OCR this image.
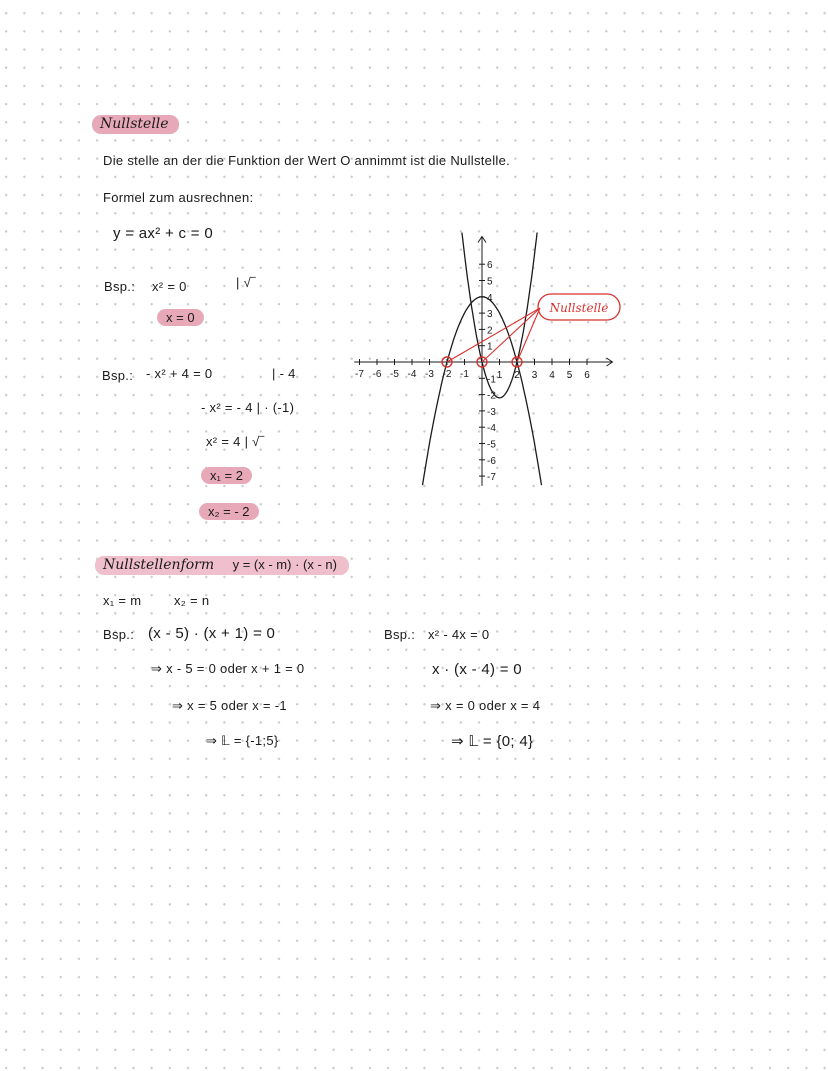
Nullstelle
Die stelle an der die Funktion der Wert O annimmt ist die Nullstelle.
Formel zum ausrechnen:
y = ax² + c = 0
Bsp.: x² = 0	| √‾
x = 0
Bsp.: - x² + 4 = 0	| - 4
- x² = - 4 | · (-1)
x² = 4 | √‾
x₁ = 2
x₂ = - 2
-7 -6 -5 -4 -3 -2 -1	1 2 3 4 5 6
6
5
4
3
2
1
-1
-2
-3
-4
-5
-6
-7
Nullstelle
Nullstellenform y = (x - m) · (x - n)
x₁ = m	x₂ = n
Bsp.: (x - 5) · (x + 1) = 0
⇒ x - 5 = 0 oder x + 1 = 0
⇒ x = 5 oder x = -1
⇒ 𝕃 = {-1;5}
Bsp.: x² - 4x = 0
x · (x - 4) = 0
⇒ x = 0 oder x = 4
⇒ 𝕃 = {0; 4}
